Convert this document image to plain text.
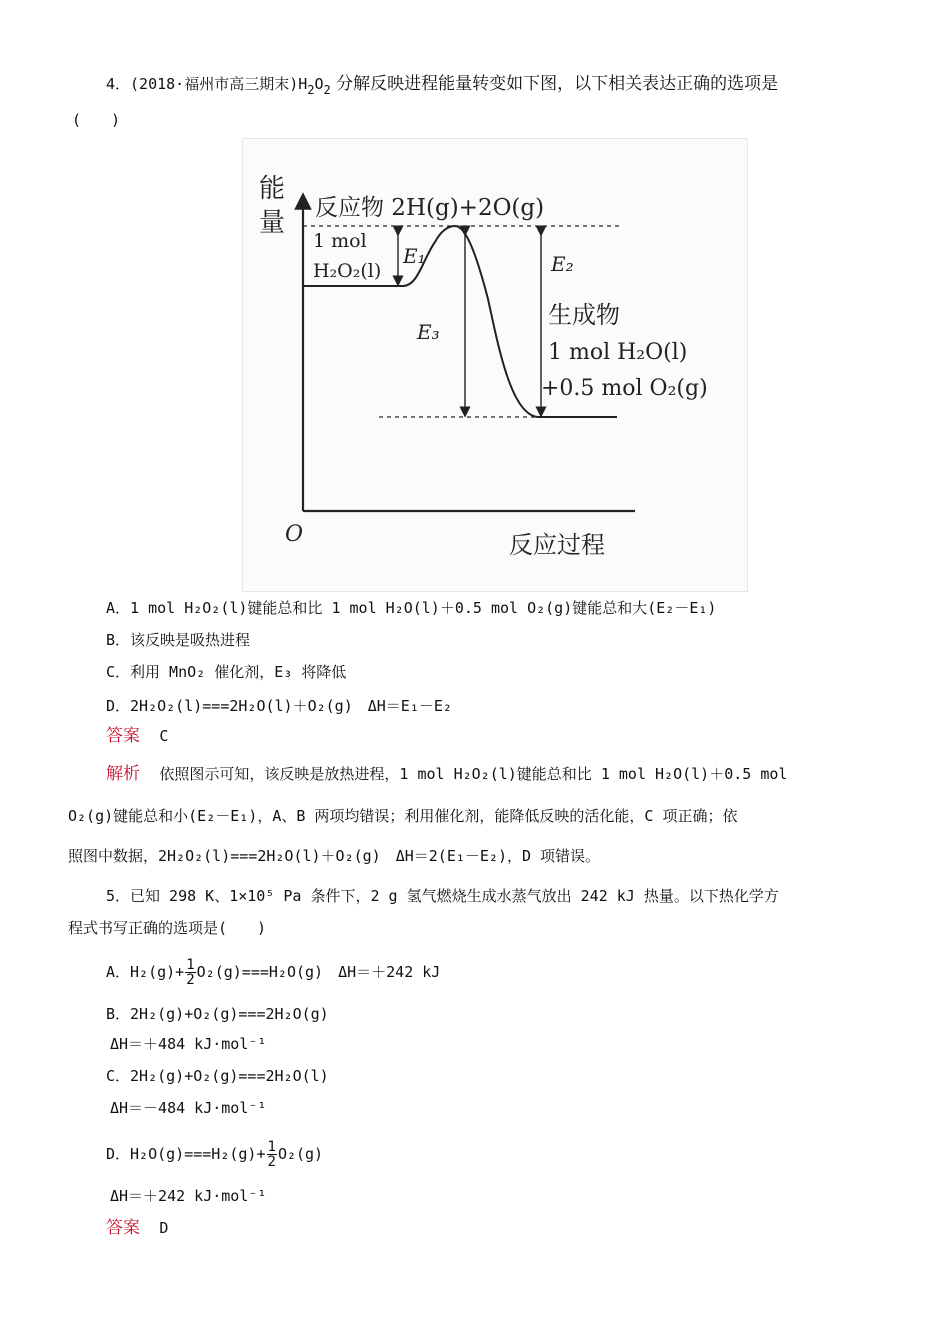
4．(2018·福州市高三期末)$H_2O_2$ 分解反映进程能量转变如下图，以下相关表达正确的选项是
(　　)
能
量 反应物 2H(g)+2O(g)
1 mol
H₂O₂(l)
E₁
E₃
E₂
生成物
1 mol H₂O(l)
+0.5 mol O₂(g)
O	反应过程
A．1 mol H₂O₂(l)键能总和比 1 mol H₂O(l)＋0.5 mol O₂(g)键能总和大(E₂－E₁)
B．该反映是吸热进程
C．利用 MnO₂ 催化剂，E₃ 将降低
D．2H₂O₂(l)===2H₂O(l)＋O₂(g)　ΔH＝E₁－E₂
答案 C
解析 依照图示可知，该反映是放热进程，1 mol H₂O₂(l)键能总和比 1 mol H₂O(l)＋0.5 mol
O₂(g)键能总和小(E₂－E₁)，A、B 两项均错误；利用催化剂，能降低反映的活化能，C 项正确；依
照图中数据，2H₂O₂(l)===2H₂O(l)＋O₂(g)　ΔH＝2(E₁－E₂)，D 项错误。
5．已知 298 K、1×10⁵ Pa 条件下，2 g 氢气燃烧生成水蒸气放出 242 kJ 热量。以下热化学方
程式书写正确的选项是(　　)
A．$H_2(g)+ \frac{1}{2} O_2(g)===H_2O(g)$　ΔH＝＋242 kJ
B．2H₂(g)+O₂(g)===2H₂O(g)
ΔH＝＋484 kJ·mol⁻¹
C．2H₂(g)+O₂(g)===2H₂O(l)
ΔH＝－484 kJ·mol⁻¹
D．$H_2O(g)===H_2(g)+ \frac{1}{2} O_2(g)$
ΔH＝＋242 kJ·mol⁻¹
答案 D
